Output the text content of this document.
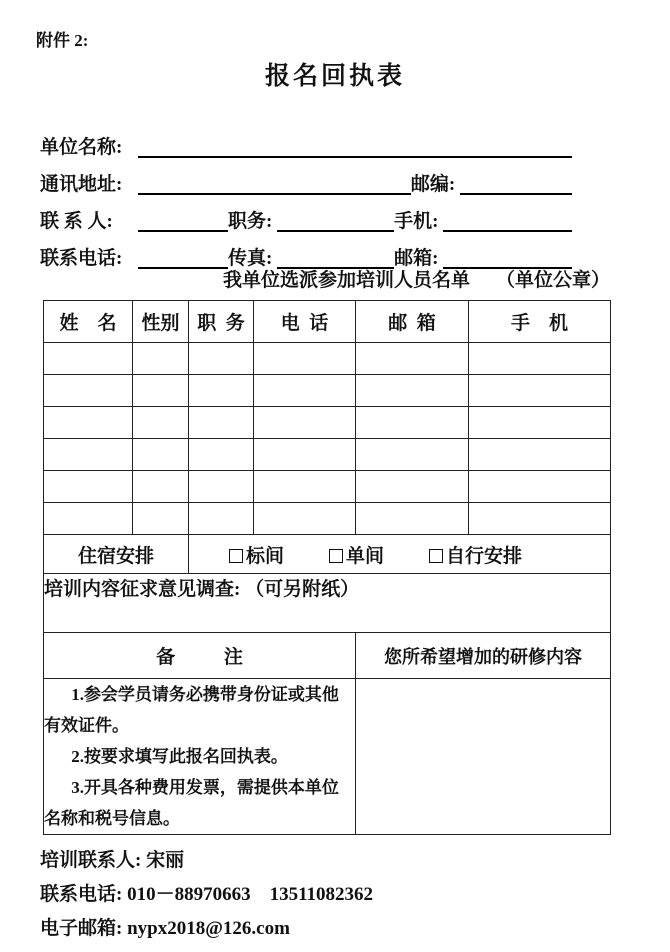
附件 2:
报名回执表
单位名称:
通讯地址:	邮编:
联 系 人:	职务:	手机:
联系电话:	传真:	邮箱:
我单位选派参加培训人员名单 （单位公章）
姓　名	性别	职  务	电  话	邮  箱	手　机

住宿安排		标间 单间 自行安排			

培训内容征求意见调查: （可另附纸）					
备 注				您所希望增加的研修内容	

1.参会学员请务必携带身份证或其他有效证件。

2.按要求填写此报名回执表。

3.开具各种费用发票，需提供本单位名称和税号信息。					

培训联系人: 宋丽

联系电话: 010－88970663　13511082362

电子邮箱: nypx2018@126.com
